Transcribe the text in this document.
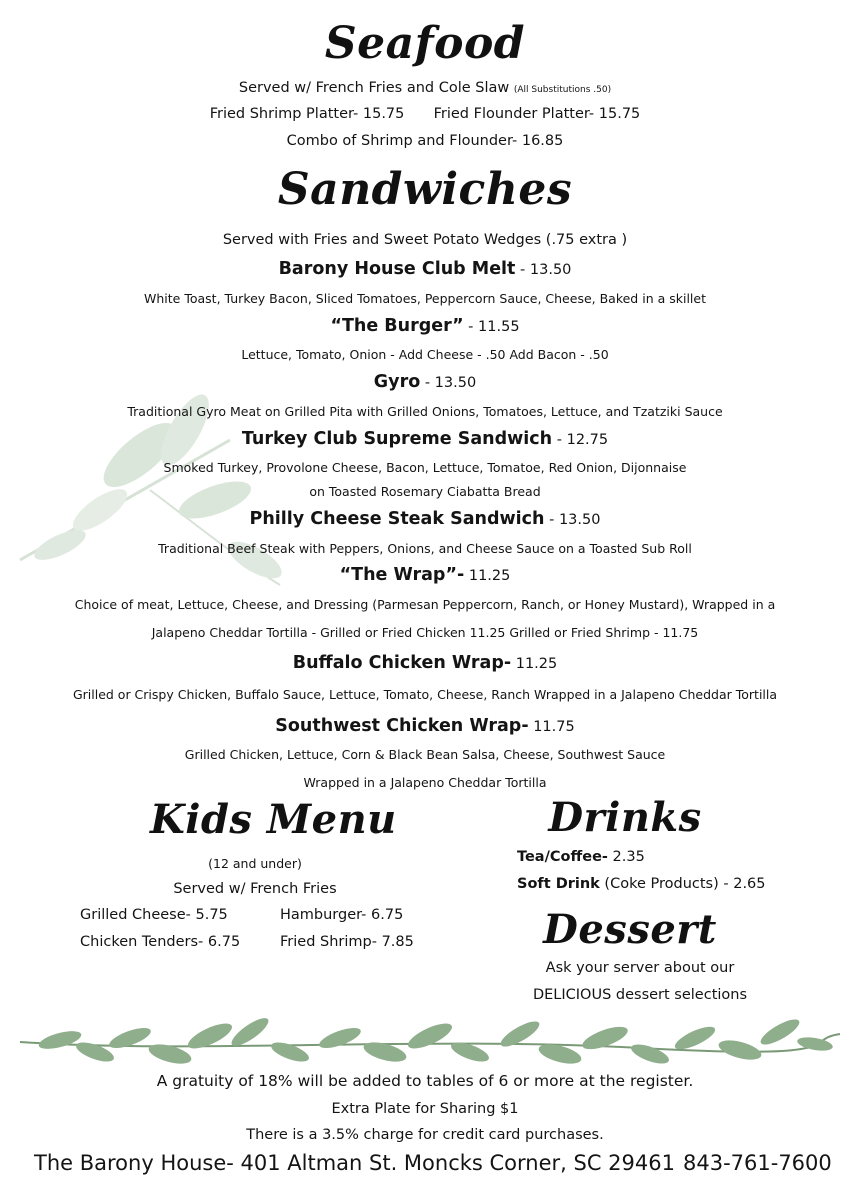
Seafood
Served w/ French Fries and Cole Slaw (All Substitutions .50)
Fried Shrimp Platter- 15.75 Fried Flounder Platter- 15.75
Combo of Shrimp and Flounder- 16.85
Sandwiches
Served with Fries and Sweet Potato Wedges (.75 extra )
Barony House Club Melt - 13.50
White Toast, Turkey Bacon, Sliced Tomatoes, Peppercorn Sauce, Cheese, Baked in a skillet
“The Burger” - 11.55
Lettuce, Tomato, Onion - Add Cheese - .50 Add Bacon - .50
Gyro - 13.50
Traditional Gyro Meat on Grilled Pita with Grilled Onions, Tomatoes, Lettuce, and Tzatziki Sauce
Turkey Club Supreme Sandwich - 12.75
Smoked Turkey, Provolone Cheese, Bacon, Lettuce, Tomatoe, Red Onion, Dijonnaise
on Toasted Rosemary Ciabatta Bread
Philly Cheese Steak Sandwich - 13.50
Traditional Beef Steak with Peppers, Onions, and Cheese Sauce on a Toasted Sub Roll
“The Wrap”- 11.25
Choice of meat, Lettuce, Cheese, and Dressing (Parmesan Peppercorn, Ranch, or Honey Mustard), Wrapped in a
Jalapeno Cheddar Tortilla - Grilled or Fried Chicken 11.25 Grilled or Fried Shrimp - 11.75
Buffalo Chicken Wrap- 11.25
Grilled or Crispy Chicken, Buffalo Sauce, Lettuce, Tomato, Cheese, Ranch Wrapped in a Jalapeno Cheddar Tortilla
Southwest Chicken Wrap- 11.75
Grilled Chicken, Lettuce, Corn & Black Bean Salsa, Cheese, Southwest Sauce
Wrapped in a Jalapeno Cheddar Tortilla
Kids Menu
(12 and under)
Served w/ French Fries
Grilled Cheese- 5.75	Hamburger- 6.75
Chicken Tenders- 6.75	Fried Shrimp- 7.85
Drinks
Tea/Coffee- 2.35
Soft Drink (Coke Products) - 2.65
Dessert
Ask your server about our
DELICIOUS dessert selections
A gratuity of 18% will be added to tables of 6 or more at the register.
Extra Plate for Sharing $1
There is a 3.5% charge for credit card purchases.
The Barony House- 401 Altman St. Moncks Corner, SC 29461 843-761-7600
